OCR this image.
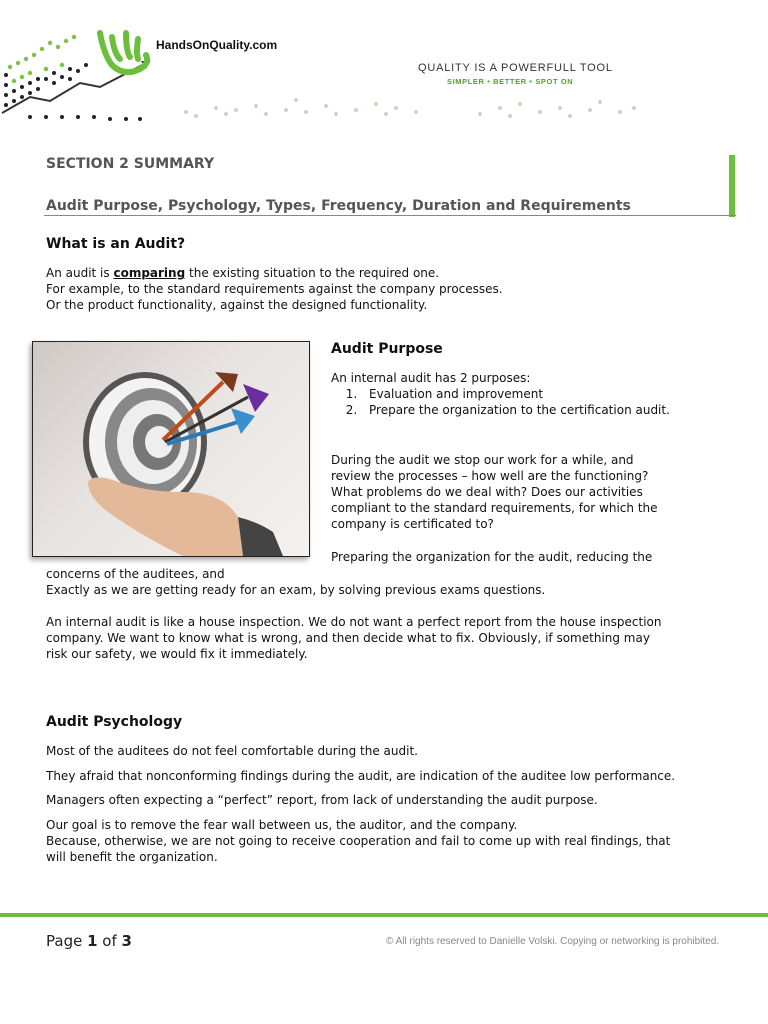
HandsOnQuality.com
QUALITY IS A POWERFULL TOOL
SIMPLER • BETTER • SPOT ON
SECTION 2 SUMMARY
Audit Purpose, Psychology, Types, Frequency, Duration and Requirements
What is an Audit?
An audit is comparing the existing situation to the required one.
For example, to the standard requirements against the company processes.
Or the product functionality, against the designed functionality.
Audit Purpose
An internal audit has 2 purposes:
1. Evaluation and improvement
2. Prepare the organization to the certification audit.
During the audit we stop our work for a while, and
review the processes – how well are the functioning?
What problems do we deal with? Does our activities
compliant to the standard requirements, for which the
company is certificated to?
Preparing the organization for the audit, reducing the
concerns of the auditees, and
Exactly as we are getting ready for an exam, by solving previous exams questions.
An internal audit is like a house inspection. We do not want a perfect report from the house inspection
company. We want to know what is wrong, and then decide what to fix. Obviously, if something may
risk our safety, we would fix it immediately.
Audit Psychology
Most of the auditees do not feel comfortable during the audit.
They afraid that nonconforming findings during the audit, are indication of the auditee low performance.
Managers often expecting a “perfect” report, from lack of understanding the audit purpose.
Our goal is to remove the fear wall between us, the auditor, and the company.
Because, otherwise, we are not going to receive cooperation and fail to come up with real findings, that
will benefit the organization.
Page 1 of 3	© All rights reserved to Danielle Volski. Copying or networking is prohibited.
